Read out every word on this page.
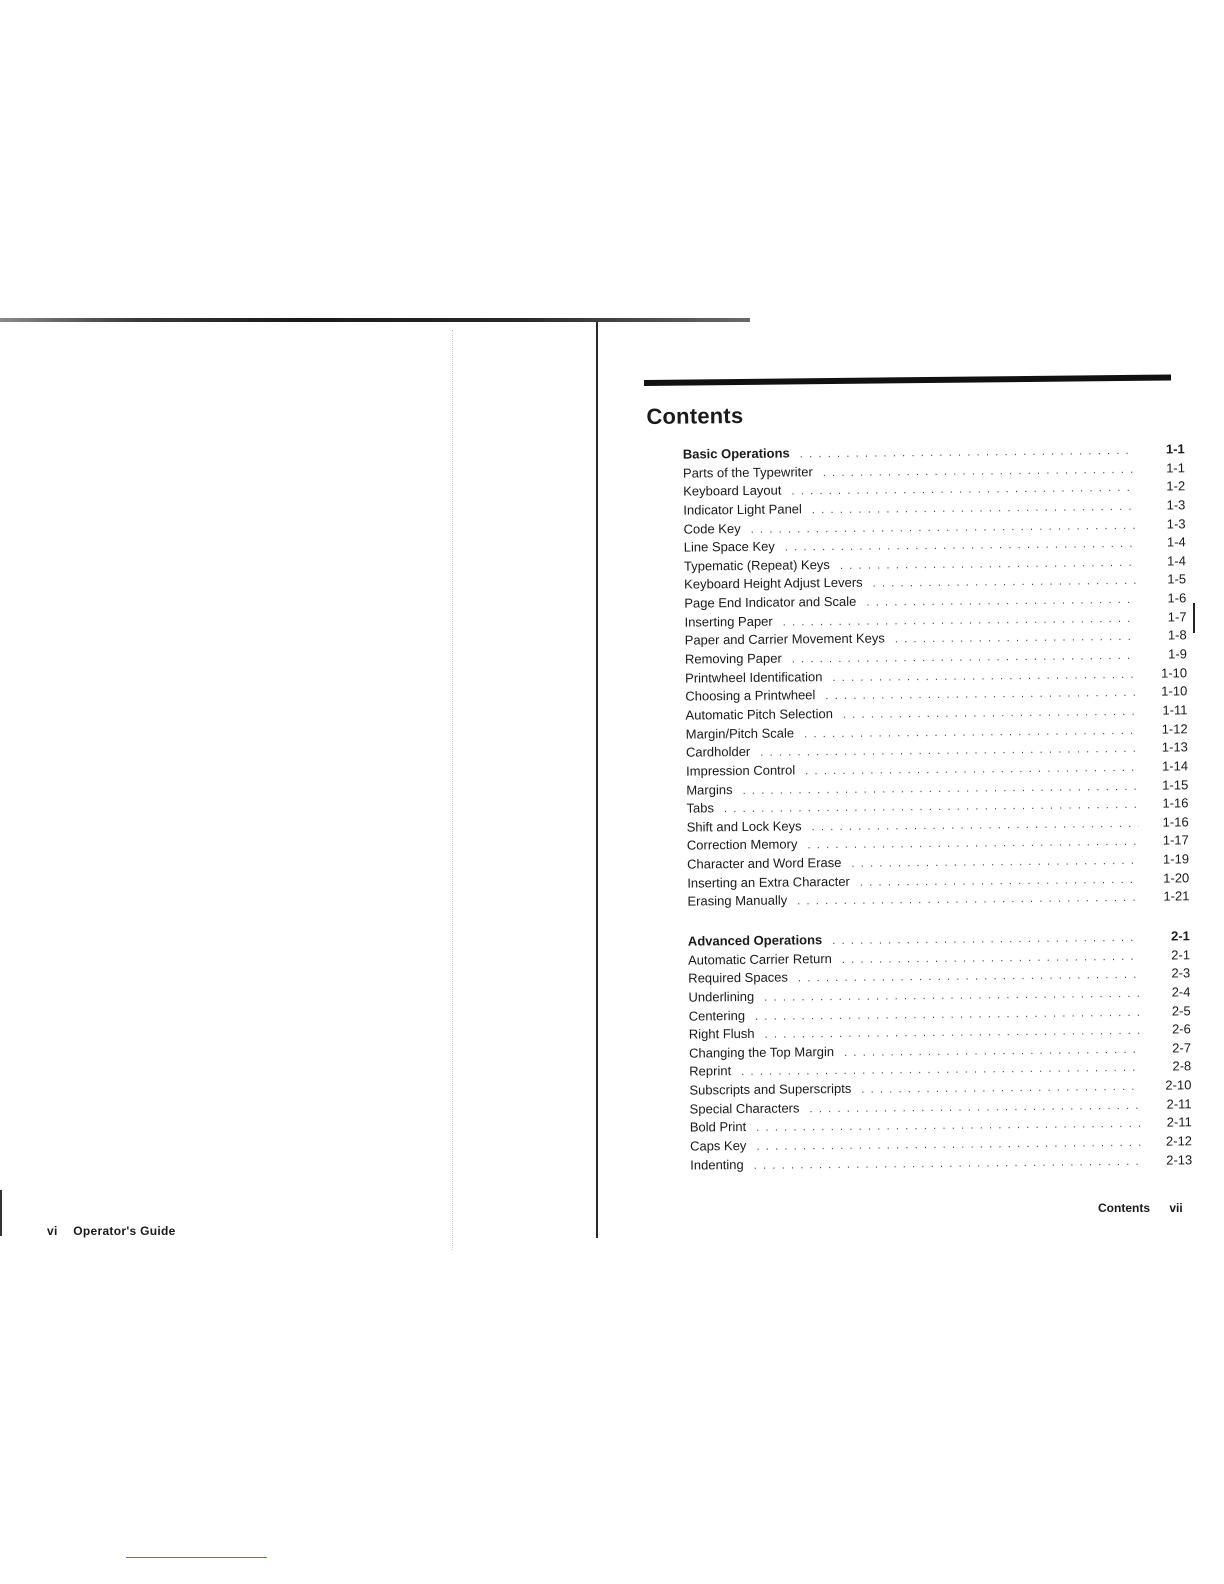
vi Operator's Guide
Contents
Basic Operations . . .	1-1
Parts of the Typewriter . . .	1-1
Keyboard Layout . . .	1-2
Indicator Light Panel . . .	1-3
Code Key . . .	1-3
Line Space Key . . .	1-4
Typematic (Repeat) Keys . . .	1-4
Keyboard Height Adjust Levers . . .	1-5
Page End Indicator and Scale . . .	1-6
Inserting Paper . . .	1-7
Paper and Carrier Movement Keys . . .	1-8
Removing Paper . . .	1-9
Printwheel Identification . . .	1-10
Choosing a Printwheel . . .	1-10
Automatic Pitch Selection . . .	1-11
Margin/Pitch Scale . . .	1-12
Cardholder . . .	1-13
Impression Control . . .	1-14
Margins . . .	1-15
Tabs . . .	1-16
Shift and Lock Keys . . .	1-16
Correction Memory . . .	1-17
Character and Word Erase . . .	1-19
Inserting an Extra Character . . .	1-20
Erasing Manually . . .	1-21
Advanced Operations . . .	2-1
Automatic Carrier Return . . .	2-1
Required Spaces . . .	2-3
Underlining . . .	2-4
Centering . . .	2-5
Right Flush . . .	2-6
Changing the Top Margin . . .	2-7
Reprint . . .	2-8
Subscripts and Superscripts . . .	2-10
Special Characters . . .	2-11
Bold Print . . .	2-11
Caps Key . . .	2-12
Indenting . . .	2-13
Contents vii
